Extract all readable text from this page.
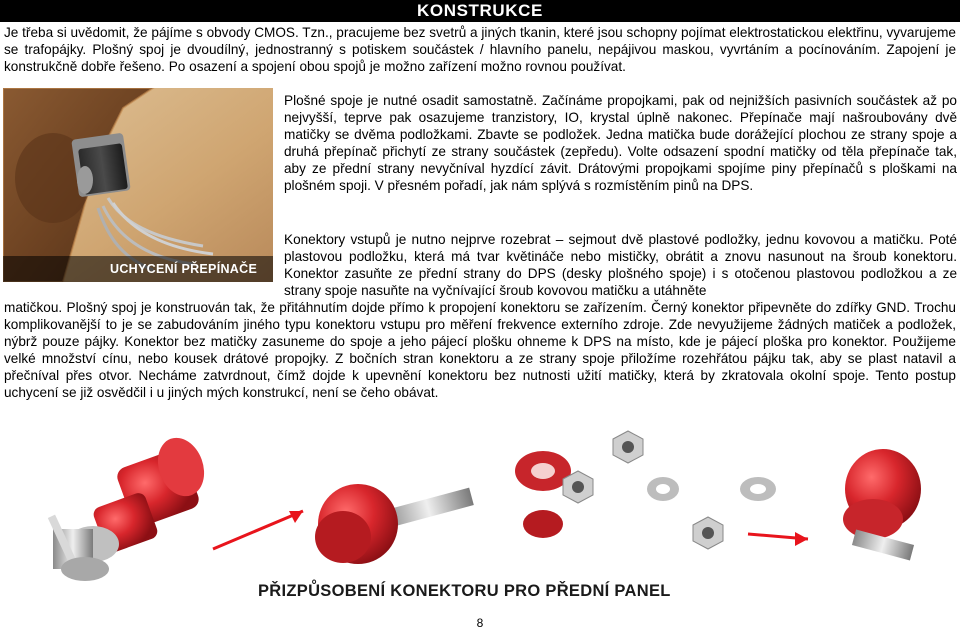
KONSTRUKCE

Je třeba si uvědomit, že pájíme s obvody CMOS. Tzn., pracujeme bez svetrů a jiných tkanin, které jsou schopny pojímat elektrostatickou elektřinu, vyvarujeme se trafopájky. Plošný spoj je dvoudílný, jednostranný s potiskem součástek / hlavního panelu, nepájivou maskou, vyvrtáním a pocínováním. Zapojení je konstrukčně dobře řešeno. Po osazení a spojení obou spojů je možno zařízení možno rovnou používat.

UCHYCENÍ PŘEPÍNAČE

Plošné spoje je nutné osadit samostatně. Začínáme propojkami, pak od nejnižších pasivních součástek až po nejvyšší, teprve pak osazujeme tranzistory, IO, krystal úplně nakonec. Přepínače mají našroubovány dvě matičky se dvěma podložkami. Zbavte se podložek. Jedna matička bude dorážející plochou ze strany spoje a druhá přepínač přichytí ze strany součástek (zepředu). Volte odsazení spodní matičky od těla přepínače tak, aby ze přední strany nevyčníval hyzdící závit. Drátovými propojkami spojíme piny přepínačů s ploškami na plošném spoji. V přesném pořadí, jak nám splývá s rozmístěním pinů na DPS.

Konektory vstupů je nutno nejprve rozebrat – sejmout dvě plastové podložky, jednu kovovou a matičku. Poté plastovou podložku, která má tvar květináče nebo mističky, obrátit a znovu nasunout na šroub konektoru. Konektor zasuňte ze přední strany do DPS (desky plošného spoje) i s otočenou plastovou podložkou a ze strany spoje nasuňte na vyčnívající šroub kovovou matičku a utáhněte

matičkou. Plošný spoj je konstruován tak, že přitáhnutím dojde přímo k propojení konektoru se zařízením. Černý konektor připevněte do zdířky GND. Trochu komplikovanější to je se zabudováním jiného typu konektoru vstupu pro měření frekvence externího zdroje. Zde nevyužijeme žádných matiček a podložek, nýbrž pouze pájky. Konektor bez matičky zasuneme do spoje a jeho pájecí plošku ohneme k DPS na místo, kde je pájecí ploška pro konektor. Použijeme velké množství cínu, nebo kousek drátové propojky. Z bočních stran konektoru a ze strany spoje přiložíme rozehřátou pájku tak, aby se plast natavil a přečníval přes otvor. Necháme zatvrdnout, čímž dojde k upevnění konektoru bez nutnosti užití matičky, která by zkratovala okolní spoje. Tento postup uchycení se již osvědčil i u jiných mých konstrukcí, není se čeho obávat.

PŘIZPŮSOBENÍ KONEKTORU PRO PŘEDNÍ PANEL
8
